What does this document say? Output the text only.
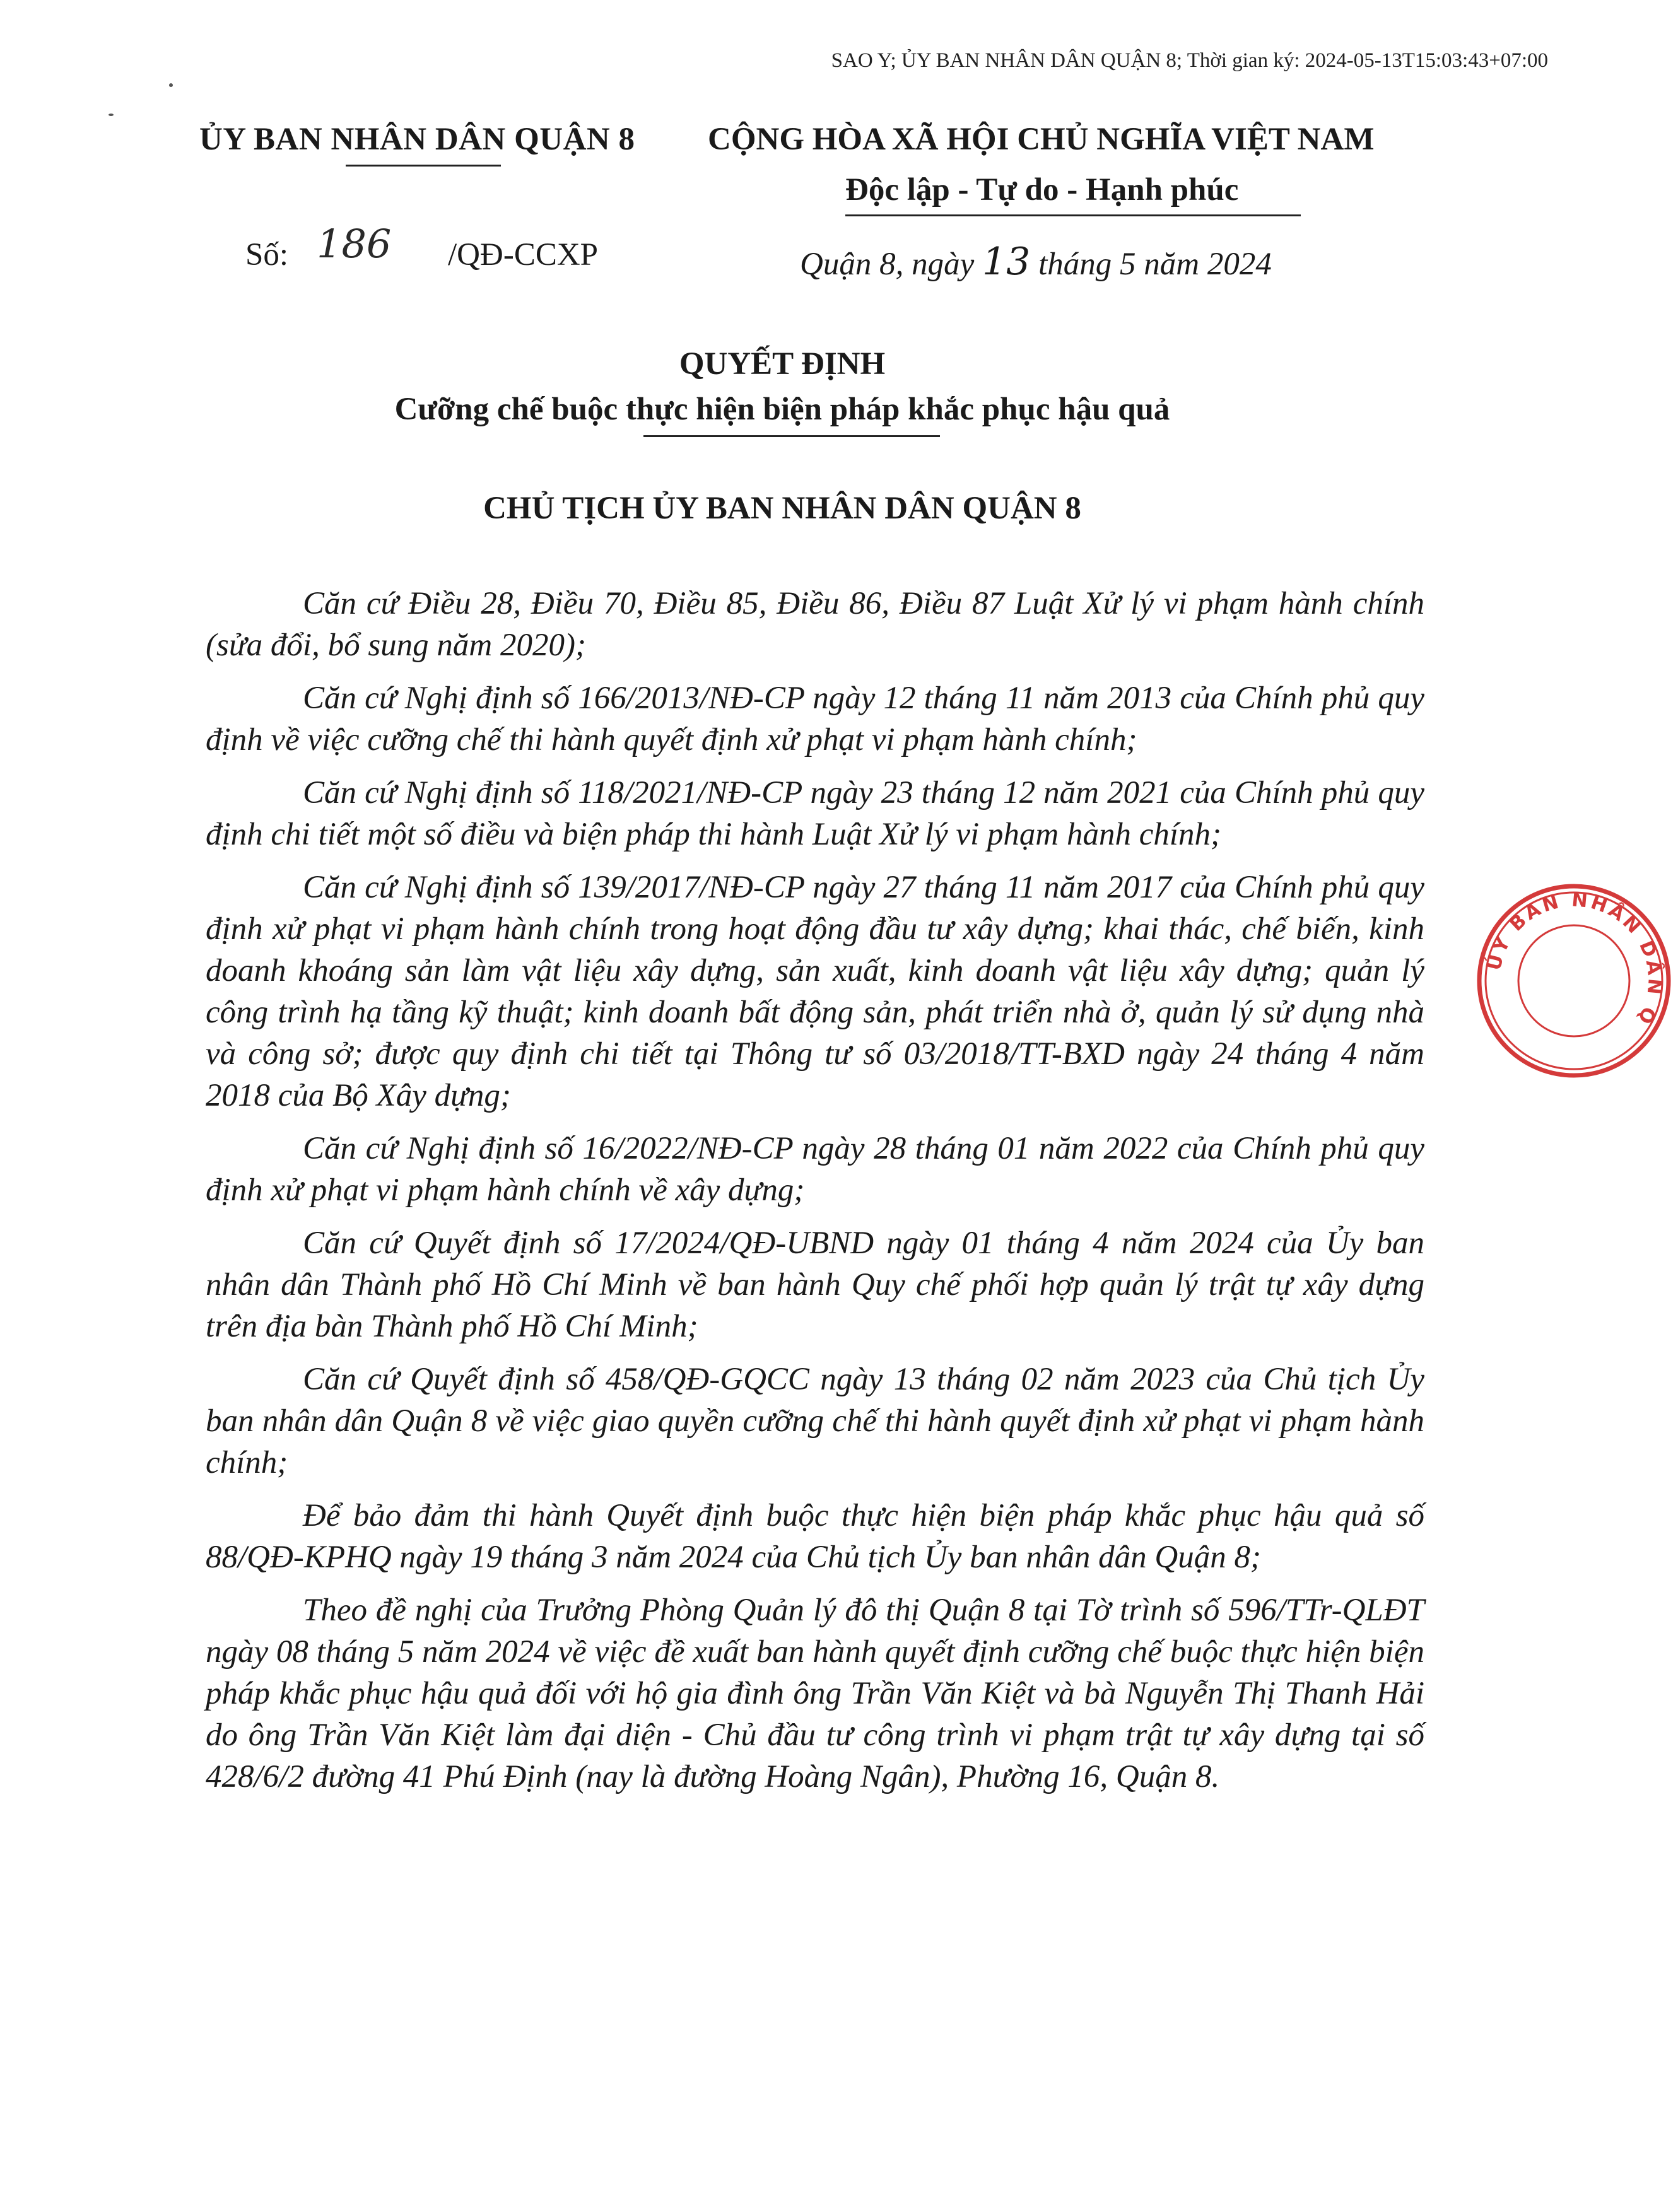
SAO Y; ỦY BAN NHÂN DÂN QUẬN 8; Thời gian ký: 2024-05-13T15:03:43+07:00
ỦY BAN NHÂN DÂN QUẬN 8 CỘNG HÒA XÃ HỘI CHỦ NGHĨA VIỆT NAM
Độc lập - Tự do - Hạnh phúc
Số: 186 /QĐ-CCXP	Quận 8, ngày 13 tháng 5 năm 2024
QUYẾT ĐỊNH
Cưỡng chế buộc thực hiện biện pháp khắc phục hậu quả
CHỦ TỊCH ỦY BAN NHÂN DÂN QUẬN 8

Căn cứ Điều 28, Điều 70, Điều 85, Điều 86, Điều 87 Luật Xử lý vi phạm hành chính (sửa đổi, bổ sung năm 2020);

Căn cứ Nghị định số 166/2013/NĐ-CP ngày 12 tháng 11 năm 2013 của Chính phủ quy định về việc cưỡng chế thi hành quyết định xử phạt vi phạm hành chính;

Căn cứ Nghị định số 118/2021/NĐ-CP ngày 23 tháng 12 năm 2021 của Chính phủ quy định chi tiết một số điều và biện pháp thi hành Luật Xử lý vi phạm hành chính;

Căn cứ Nghị định số 139/2017/NĐ-CP ngày 27 tháng 11 năm 2017 của Chính phủ quy định xử phạt vi phạm hành chính trong hoạt động đầu tư xây dựng; khai thác, chế biến, kinh doanh khoáng sản làm vật liệu xây dựng, sản xuất, kinh doanh vật liệu xây dựng; quản lý công trình hạ tầng kỹ thuật; kinh doanh bất động sản, phát triển nhà ở, quản lý sử dụng nhà và công sở; được quy định chi tiết tại Thông tư số 03/2018/TT-BXD ngày 24 tháng 4 năm 2018 của Bộ Xây dựng;

Căn cứ Nghị định số 16/2022/NĐ-CP ngày 28 tháng 01 năm 2022 của Chính phủ quy định xử phạt vi phạm hành chính về xây dựng;

Căn cứ Quyết định số 17/2024/QĐ-UBND ngày 01 tháng 4 năm 2024 của Ủy ban nhân dân Thành phố Hồ Chí Minh về ban hành Quy chế phối hợp quản lý trật tự xây dựng trên địa bàn Thành phố Hồ Chí Minh;

Căn cứ Quyết định số 458/QĐ-GQCC ngày 13 tháng 02 năm 2023 của Chủ tịch Ủy ban nhân dân Quận 8 về việc giao quyền cưỡng chế thi hành quyết định xử phạt vi phạm hành chính;

Để bảo đảm thi hành Quyết định buộc thực hiện biện pháp khắc phục hậu quả số 88/QĐ-KPHQ ngày 19 tháng 3 năm 2024 của Chủ tịch Ủy ban nhân dân Quận 8;

Theo đề nghị của Trưởng Phòng Quản lý đô thị Quận 8 tại Tờ trình số 596/TTr-QLĐT ngày 08 tháng 5 năm 2024 về việc đề xuất ban hành quyết định cưỡng chế buộc thực hiện biện pháp khắc phục hậu quả đối với hộ gia đình ông Trần Văn Kiệt và bà Nguyễn Thị Thanh Hải do ông Trần Văn Kiệt làm đại diện - Chủ đầu tư công trình vi phạm trật tự xây dựng tại số 428/6/2 đường 41 Phú Định (nay là đường Hoàng Ngân), Phường 16, Quận 8.

ỦY BAN NHÂN DÂN Q
